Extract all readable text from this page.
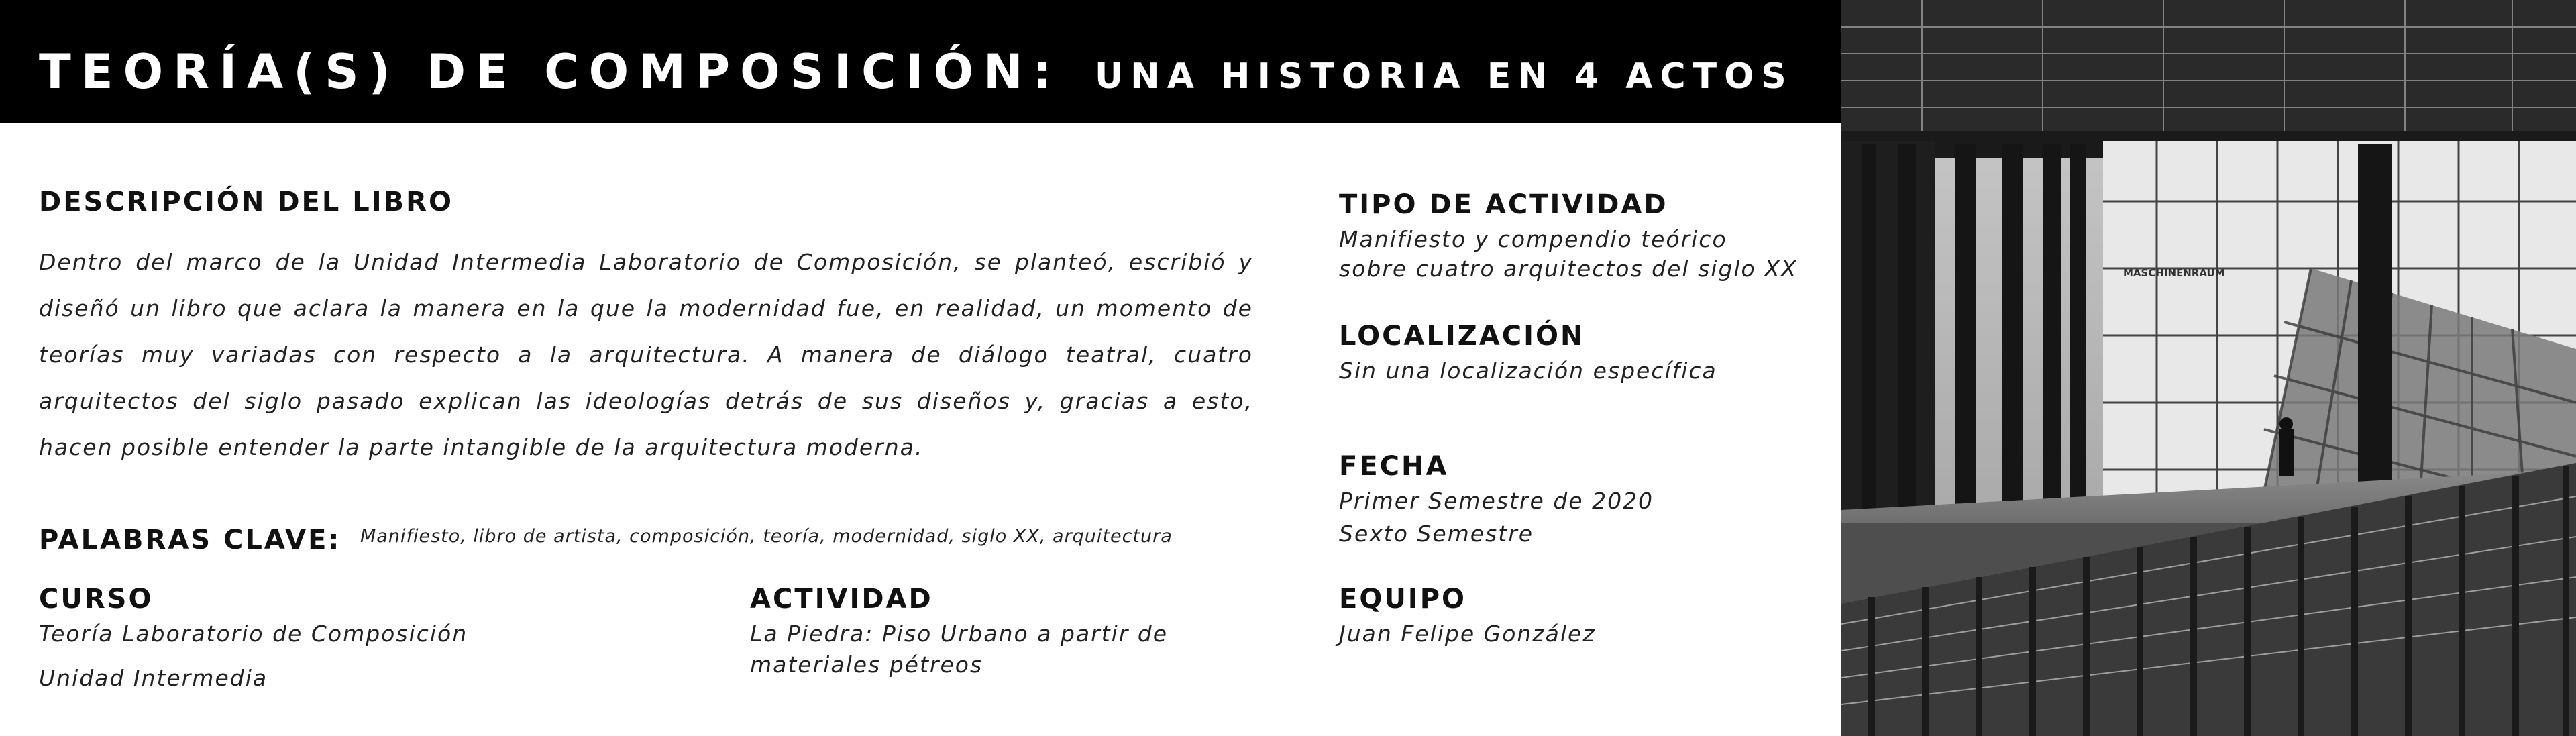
TEORÍA(S) DE COMPOSICIÓN: UNA HISTORIA EN 4 ACTOS
DESCRIPCIÓN DEL LIBRO
Dentro del marco de la Unidad Intermedia Laboratorio de Composición, se planteó, escribió y diseñó un libro que aclara la manera en la que la modernidad fue, en realidad, un momento de teorías muy variadas con respecto a la arquitectura. A manera de diálogo teatral, cuatro arquitectos del siglo pasado explican las ideologías detrás de sus diseños y, gracias a esto, hacen posible entender la parte intangible de la arquitectura moderna.
PALABRAS CLAVE: Manifiesto, libro de artista, composición, teoría, modernidad, siglo XX, arquitectura
CURSO
Teoría Laboratorio de Composición
Unidad Intermedia
ACTIVIDAD
La Piedra: Piso Urbano a partir de
materiales pétreos
TIPO DE ACTIVIDAD
Manifiesto y compendio teórico
sobre cuatro arquitectos del siglo XX
LOCALIZACIÓN
Sin una localización específica
FECHA
Primer Semestre de 2020
Sexto Semestre
EQUIPO
Juan Felipe González
MASCHINENRAUM
